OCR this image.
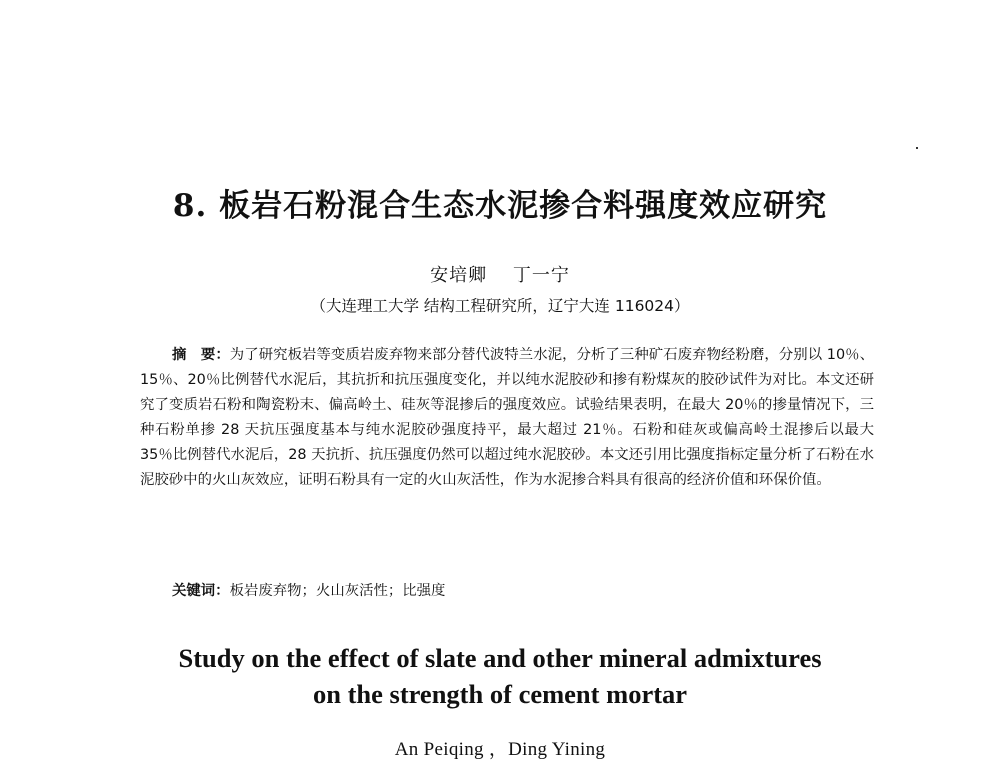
8. 板岩石粉混合生态水泥掺合料强度效应研究
安培卿　 丁一宁
（大连理工大学 结构工程研究所，辽宁大连 116024）

摘　要：为了研究板岩等变质岩废弃物来部分替代波特兰水泥，分析了三种矿石废弃物经粉磨，分别以 10％、15％、20％比例替代水泥后，其抗折和抗压强度变化，并以纯水泥胶砂和掺有粉煤灰的胶砂试件为对比。本文还研究了变质岩石粉和陶瓷粉末、偏高岭土、硅灰等混掺后的强度效应。试验结果表明，在最大 20％的掺量情况下，三种石粉单掺 28 天抗压强度基本与纯水泥胶砂强度持平，最大超过 21％。石粉和硅灰或偏高岭土混掺后以最大 35％比例替代水泥后，28 天抗折、抗压强度仍然可以超过纯水泥胶砂。本文还引用比强度指标定量分析了石粉在水泥胶砂中的火山灰效应，证明石粉具有一定的火山灰活性，作为水泥掺合料具有很高的经济价值和环保价值。

关键词：板岩废弃物；火山灰活性；比强度

Study on the effect of slate and other mineral admixtures
on the strength of cement mortar

An Peiqing ，Ding Yining
